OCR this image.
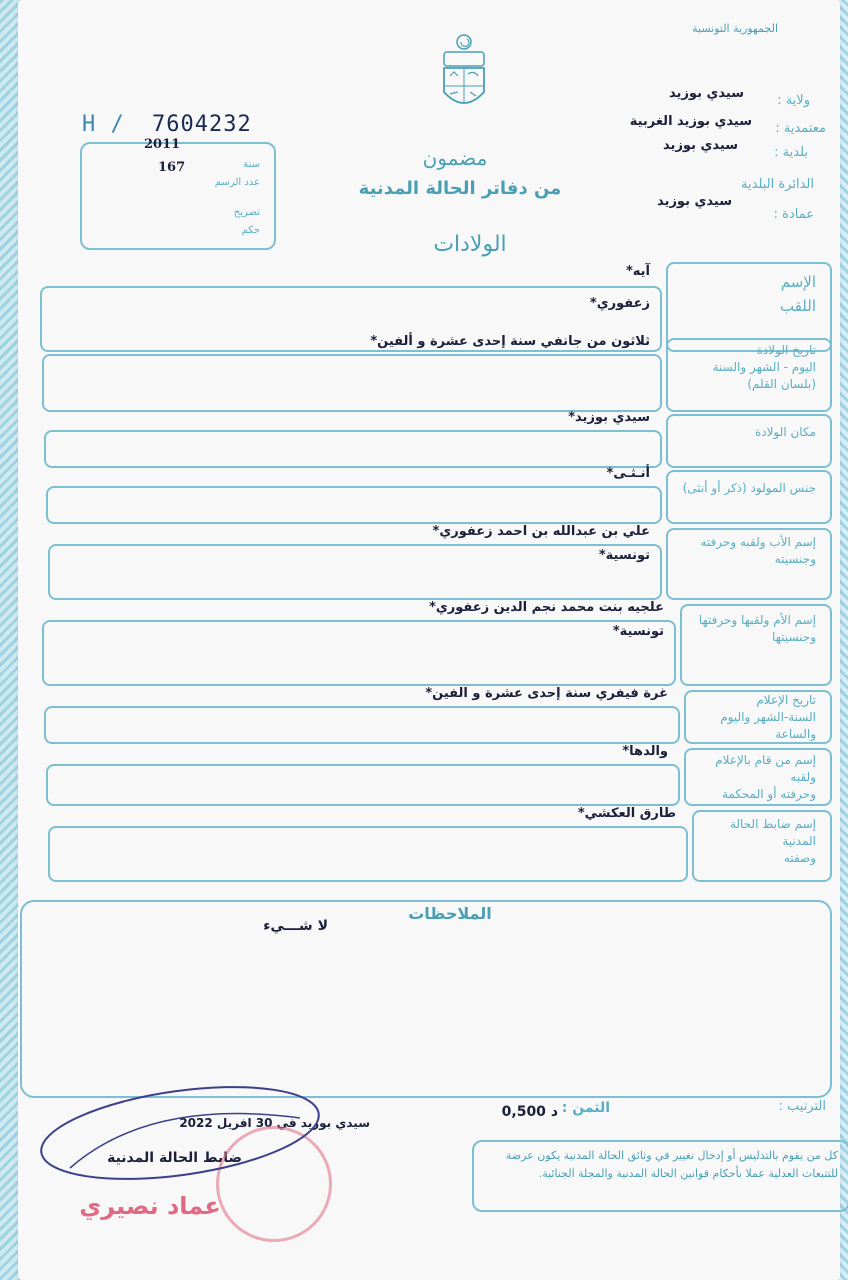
الجمهورية التونسية
ولاية :
سيدي بوزيد
معتمدية :
سيدي بوزيد الغربية
بلدية :
سيدي بوزيد
الدائرة البلدية
سيدي بوزيد
عمادة :
H / 7604232
2011
167	سنة
عدد الرسم
تصريح
حكم
مضمون
من دفاتر الحالة المدنية
الولادات
الإسم
اللقب
آيه*
زعفوري*
تاريخ الولادة
اليوم - الشهر والسنة
(بلسان القلم)
ثلاثون من جانفي سنة إحدى عشرة و ألفين*
مكان الولادة
سيدي بوزيد*
جنس المولود (ذكر أو أنثى)
أنـثـى*
إسم الأب ولقبه وحرفته
وجنسيته
علي بن عبدالله بن احمد زعفوري*
تونسية*
إسم الأم ولقبها وحرفتها
وجنسيتها
علجيه بنت محمد نجم الدين زعفوري*
تونسية*
تاريخ الإعلام
السنة-الشهر واليوم والساعة
غرة فيفري سنة إحدى عشرة و الفين*
إسم من قام بالإعلام ولقبه
وحرفته أو المحكمة
والدها*
إسم ضابط الحالة المدنية
وصفته
طارق العكشي*
الملاحظات
لا شـــيء
الترتيب :
الثمن :
0,500 د
كل من يقوم بالتدليس أو إدخال تغيير في وثائق الحالة المدنية يكون عرضة للتتبعات العدلية عملا بأحكام قوانين الحالة المدنية والمجلة الجنائية.
سيدي بوزيد في 30 افريل 2022
ضابط الحالة المدنية
عماد نصيري
